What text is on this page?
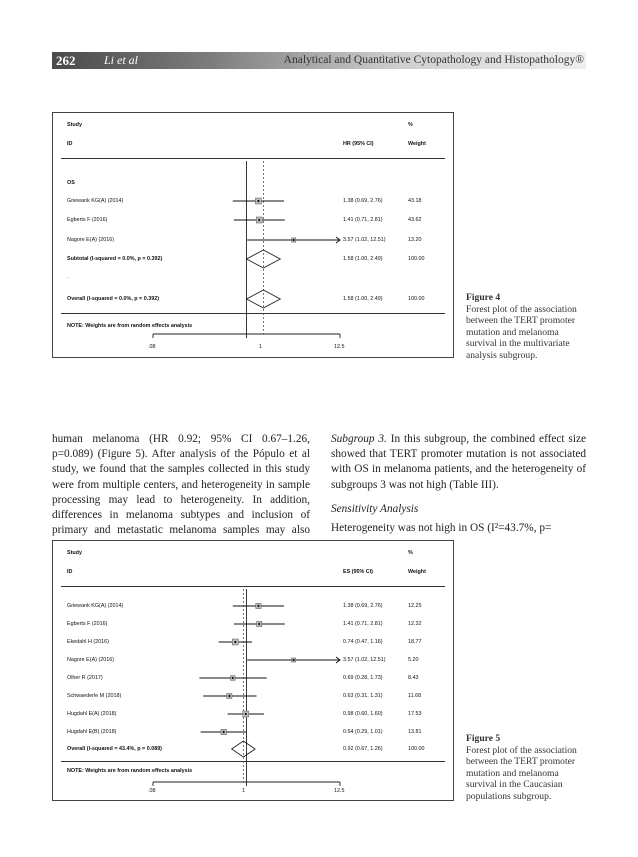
262 Li et al	Analytical and Quantitative Cytopathology and Histopathology®
Study	%
ID	HR (95% CI)	Weight
OS
Griewank KG(A) (2014)	1.38 (0.69, 2.76)	43.18
Egberts F (2016)	1.41 (0.71, 2.81)	43.62
Nagore E(A) (2016)	3.57 (1.02, 12.51)	13.20
Subtotal (I-squared = 0.0%, p = 0.392)	1.58 (1.00, 2.49)	100.00
.
Overall (I-squared = 0.0%, p = 0.392)	1.58 (1.00, 2.49)	100.00
NOTE: Weights are from random effects analysis
.08	1	12.5
Figure 4
Forest plot of the association between the TERT promoter mutation and melanoma survival in the multivariate analysis subgroup.

human melanoma (HR 0.92; 95% CI 0.67–1.26, p=0.089) (Figure 5). After analysis of the Pópulo et al study, we found that the samples collected in this study were from multiple centers, and heterogeneity in sample processing may lead to heterogeneity. In addition, differences in melanoma subtypes and inclusion of primary and metastatic melanoma samples may also

Subgroup 3. In this subgroup, the combined effect size showed that TERT promoter mutation is not associated with OS in melanoma patients, and the heterogeneity of subgroups 3 was not high (Table III).

Sensitivity Analysis

Heterogeneity was not high in OS (I²=43.7%, p=

Study	%
ID	ES (95% CI)	Weight
Griewank KG(A) (2014)	1.38 (0.69, 2.76)	12.25
Egberts F (2016)	1.41 (0.71, 2.81)	12.32
Ekedahl H (2016)	0.74 (0.47, 1.16)	18.77
Nagore E(A) (2016)	3.57 (1.02, 12.51)	5.20
Olher R (2017)	0.69 (0.28, 1.73)	8.43
Schwaederle M (2018)	0.63 (0.31, 1.31)	11.68
Hugdahl E(A) (2018)	0.98 (0.60, 1.60)	17.53
Hugdahl E(B) (2018)	0.54 (0.29, 1.01)	13.81
Overall (I-squared = 43.4%, p = 0.089)	0.92 (0.67, 1.26)	100.00
NOTE: Weights are from random effects analysis
.08	1	12.5
Figure 5
Forest plot of the association between the TERT promoter mutation and melanoma survival in the Caucasian populations subgroup.
